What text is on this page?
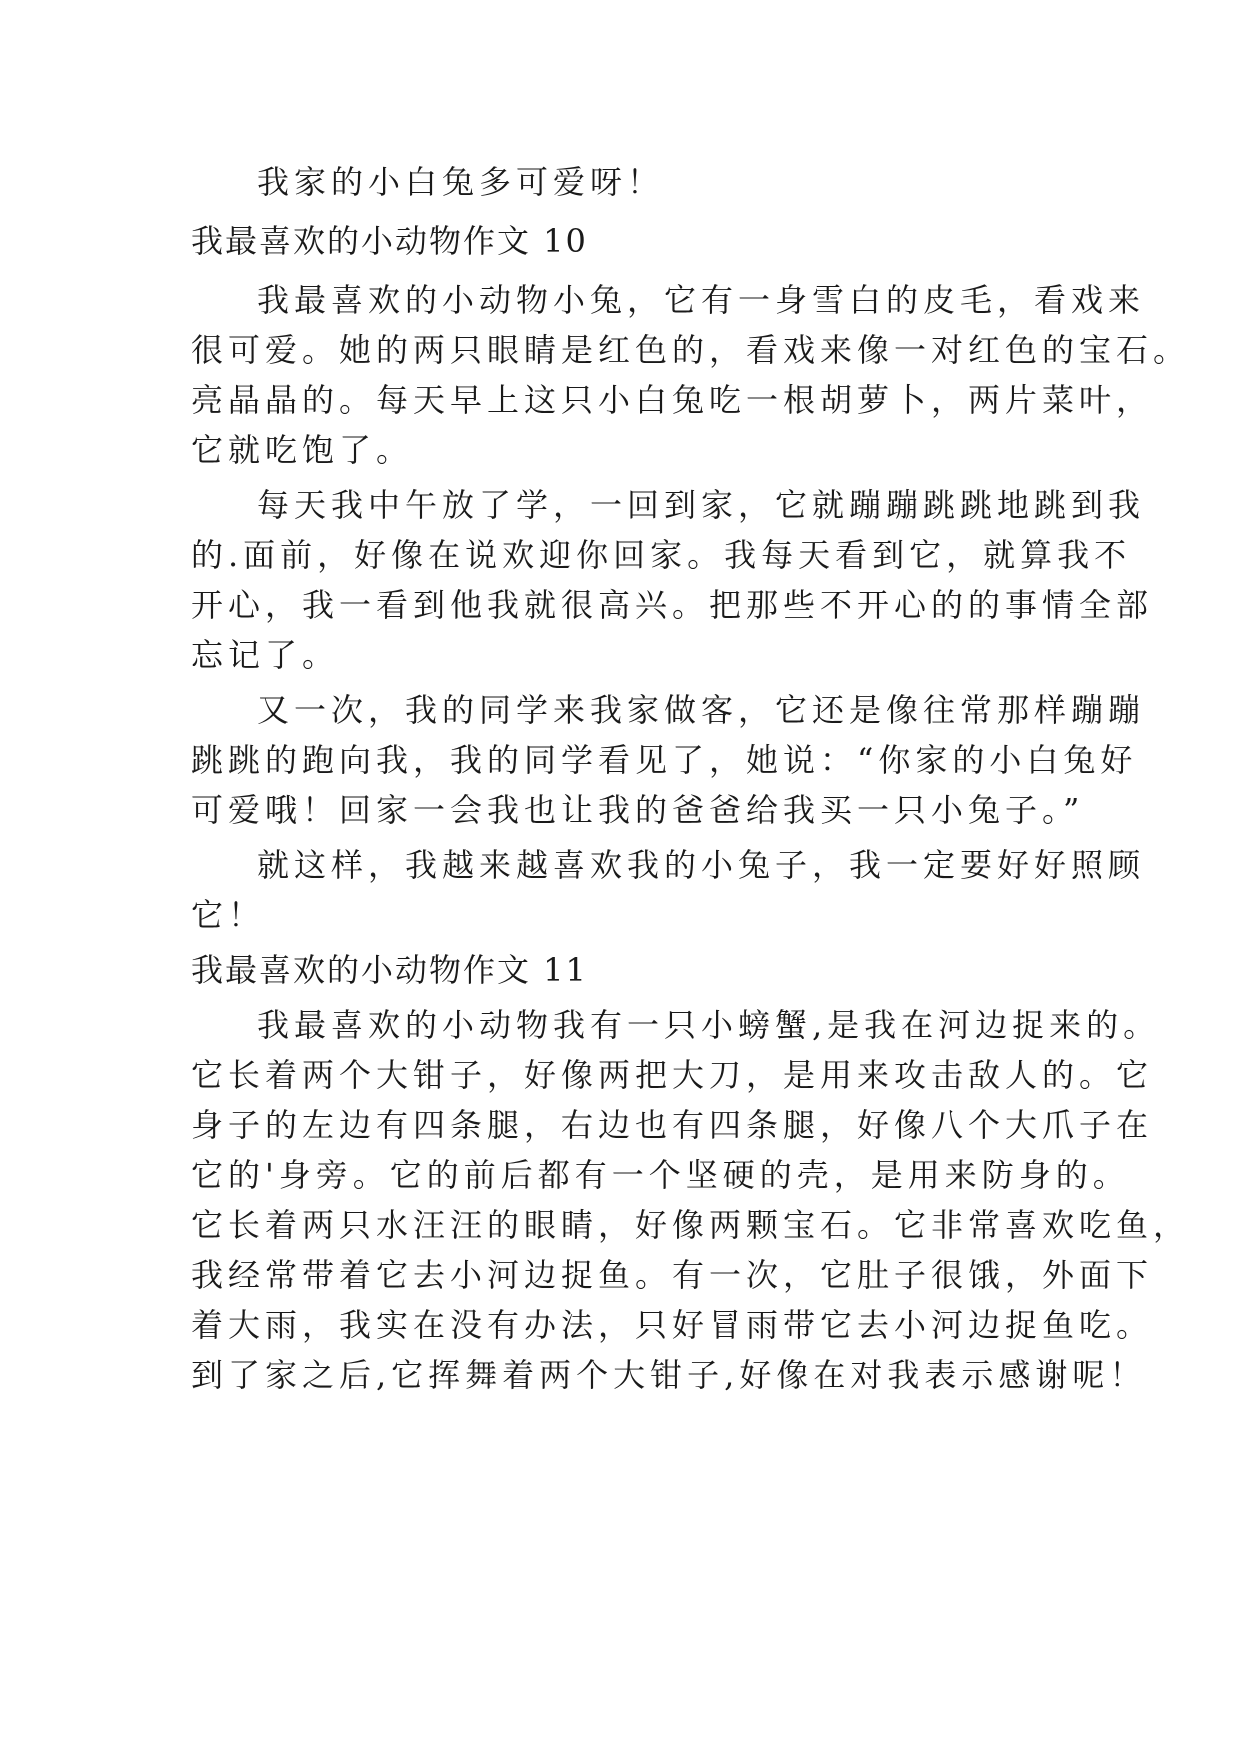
我家的小白兔多可爱呀！

我最喜欢的小动物作文 10

我最喜欢的小动物小兔，它有一身雪白的皮毛，看戏来

很可爱。她的两只眼睛是红色的，看戏来像一对红色的宝石。

亮晶晶的。每天早上这只小白兔吃一根胡萝卜，两片菜叶，

它就吃饱了。

每天我中午放了学，一回到家，它就蹦蹦跳跳地跳到我

的.面前，好像在说欢迎你回家。我每天看到它，就算我不

开心，我一看到他我就很高兴。把那些不开心的的事情全部

忘记了。

又一次，我的同学来我家做客，它还是像往常那样蹦蹦

跳跳的跑向我，我的同学看见了，她说：“你家的小白兔好

可爱哦！回家一会我也让我的爸爸给我买一只小兔子。”

就这样，我越来越喜欢我的小兔子，我一定要好好照顾

它！

我最喜欢的小动物作文 11

我最喜欢的小动物我有一只小螃蟹,是我在河边捉来的。

它长着两个大钳子，好像两把大刀，是用来攻击敌人的。它

身子的左边有四条腿，右边也有四条腿，好像八个大爪子在

它的'身旁。它的前后都有一个坚硬的壳，是用来防身的。

它长着两只水汪汪的眼睛，好像两颗宝石。它非常喜欢吃鱼，

我经常带着它去小河边捉鱼。有一次，它肚子很饿，外面下

着大雨，我实在没有办法，只好冒雨带它去小河边捉鱼吃。

到了家之后,它挥舞着两个大钳子,好像在对我表示感谢呢！
